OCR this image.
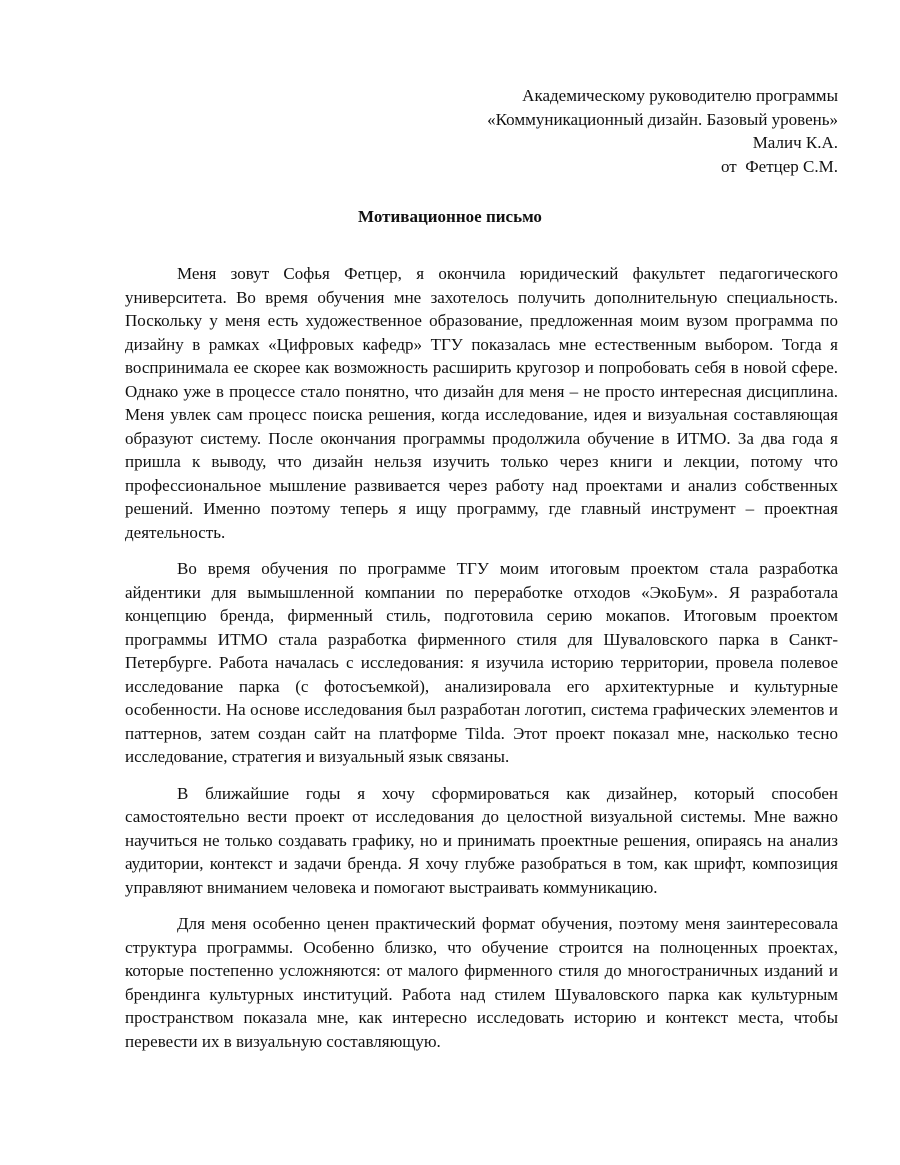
Академическому руководителю программы
«Коммуникационный дизайн. Базовый уровень»
Малич К.А.
от  Фетцер С.М.
Мотивационное письмо

Меня зовут Софья Фетцер, я окончила юридический факультет педагогического университета. Во время обучения мне захотелось получить дополнительную специальность. Поскольку у меня есть художественное образование, предложенная моим вузом программа по дизайну в рамках «Цифровых кафедр» ТГУ показалась мне естественным выбором. Тогда я воспринимала ее скорее как возможность расширить кругозор и попробовать себя в новой сфере. Однако уже в процессе стало понятно, что дизайн для меня – не просто интересная дисциплина. Меня увлек сам процесс поиска решения, когда исследование, идея и визуальная составляющая образуют систему. После окончания программы продолжила обучение в ИТМО. За два года я пришла к выводу, что дизайн нельзя изучить только через книги и лекции, потому что профессиональное мышление развивается через работу над проектами и анализ собственных решений. Именно поэтому теперь я ищу программу, где главный инструмент – проектная деятельность.

Во время обучения по программе ТГУ моим итоговым проектом стала разработка айдентики для вымышленной компании по переработке отходов «ЭкоБум». Я разработала концепцию бренда, фирменный стиль, подготовила серию мокапов. Итоговым проектом программы ИТМО стала разработка фирменного стиля для Шуваловского парка в Санкт-Петербурге. Работа началась с исследования: я изучила историю территории, провела полевое исследование парка (с фотосъемкой), анализировала его архитектурные и культурные особенности. На основе исследования был разработан логотип, система графических элементов и паттернов, затем создан сайт на платформе Tilda. Этот проект показал мне, насколько тесно исследование, стратегия и визуальный язык связаны.

В ближайшие годы я хочу сформироваться как дизайнер, который способен самостоятельно вести проект от исследования до целостной визуальной системы. Мне важно научиться не только создавать графику, но и принимать проектные решения, опираясь на анализ аудитории, контекст и задачи бренда. Я хочу глубже разобраться в том, как шрифт, композиция управляют вниманием человека и помогают выстраивать коммуникацию.

Для меня особенно ценен практический формат обучения, поэтому меня заинтересовала структура программы. Особенно близко, что обучение строится на полноценных проектах, которые постепенно усложняются: от малого фирменного стиля до многостраничных изданий и брендинга культурных институций. Работа над стилем Шуваловского парка как культурным пространством показала мне, как интересно исследовать историю и контекст места, чтобы перевести их в визуальную составляющую.
